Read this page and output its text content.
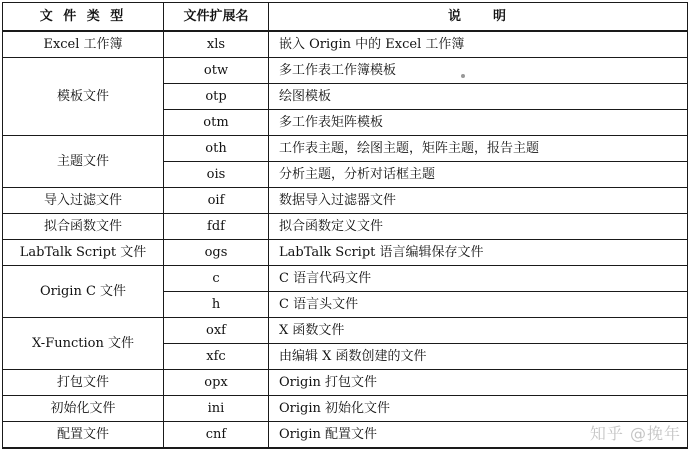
文 件 类 型	文件扩展名	说　　明
Excel 工作簿	xls	嵌入 Origin 中的 Excel 工作簿
模板文件	otw	多工作表工作簿模板
	otp	绘图模板
	otm	多工作表矩阵模板
主题文件	oth	工作表主题，绘图主题，矩阵主题，报告主题
	ois	分析主题，分析对话框主题
导入过滤文件	oif	数据导入过滤器文件
拟合函数文件	fdf	拟合函数定义文件
LabTalk Script 文件	ogs	LabTalk Script 语言编辑保存文件
Origin C 文件	c	C 语言代码文件
	h	C 语言头文件
X-Function 文件	oxf	X 函数文件
	xfc	由编辑 X 函数创建的文件
打包文件	opx	Origin 打包文件
初始化文件	ini	Origin 初始化文件
配置文件	cnf	Origin 配置文件	知乎 @挽年
